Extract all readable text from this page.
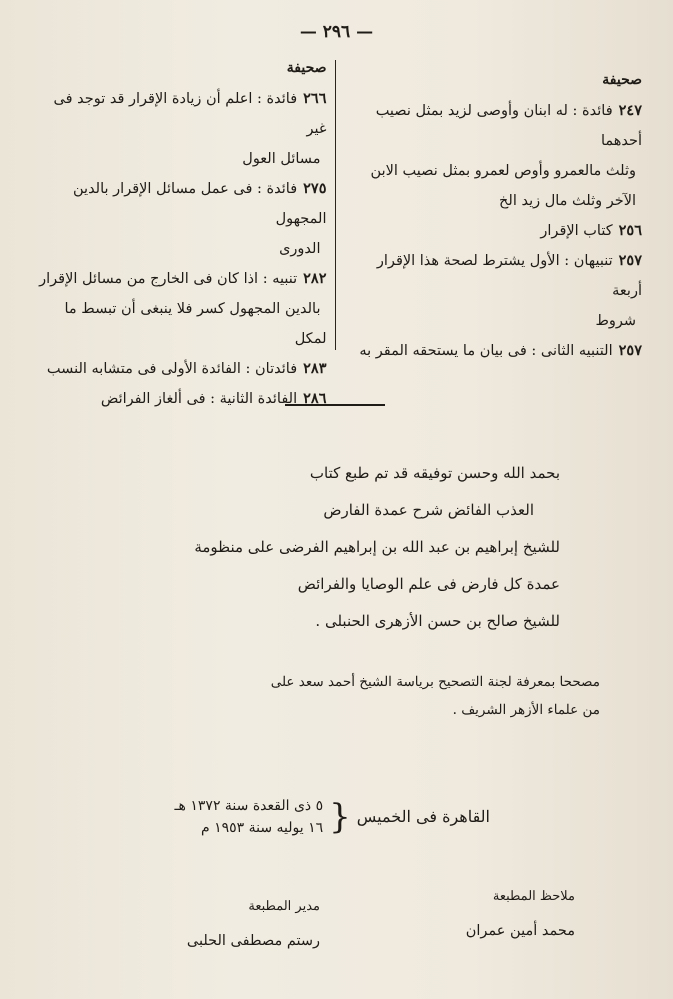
— ٢٩٦ —
صحيفة
٢٤٧فائدة : له ابنان وأوصى لزيد بمثل نصيب أحدهما
وثلث مالعمرو وأوص لعمرو بمثل نصيب الابن
الآخر وثلث مال زيد الخ
٢٥٦كتاب الإقرار
٢٥٧تنبيهان : الأول يشترط لصحة هذا الإقرار أربعة
شروط
٢٥٧التنبيه الثانى : فى بيان ما يستحقه المقر به
صحيفة
٢٦٦فائدة : اعلم أن زيادة الإقرار قد توجد فى غير
مسائل العول
٢٧٥فائدة : فى عمل مسائل الإقرار بالدين المجهول
الدورى
٢٨٢تنبيه : اذا كان فى الخارج من مسائل الإقرار
بالدين المجهول كسر فلا ينبغى أن تبسط ما لمكل
٢٨٣فائدتان : الفائدة الأولى فى متشابه النسب
٢٨٦الفائدة الثانية : فى ألغاز الفرائض
بحمد الله وحسن توفيقه قد تم طبع كتاب
العذب الفائض شرح عمدة الفارض
للشيخ إبراهيم بن عبد الله بن إبراهيم الفرضى على منظومة
عمدة كل فارض فى علم الوصايا والفرائض
للشيخ صالح بن حسن الأزهرى الحنبلى .
مصححا بمعرفة لجنة التصحيح برياسة الشيخ أحمد سعد على
من علماء الأزهر الشريف .
القاهرة فى الخميس
{
٥ ذى القعدة سنة ١٣٧٢ هـ
١٦ يوليه سنة ١٩٥٣ م
ملاحظ المطبعة
محمد أمين عمران
مدير المطبعة
رستم مصطفى الحلبى
